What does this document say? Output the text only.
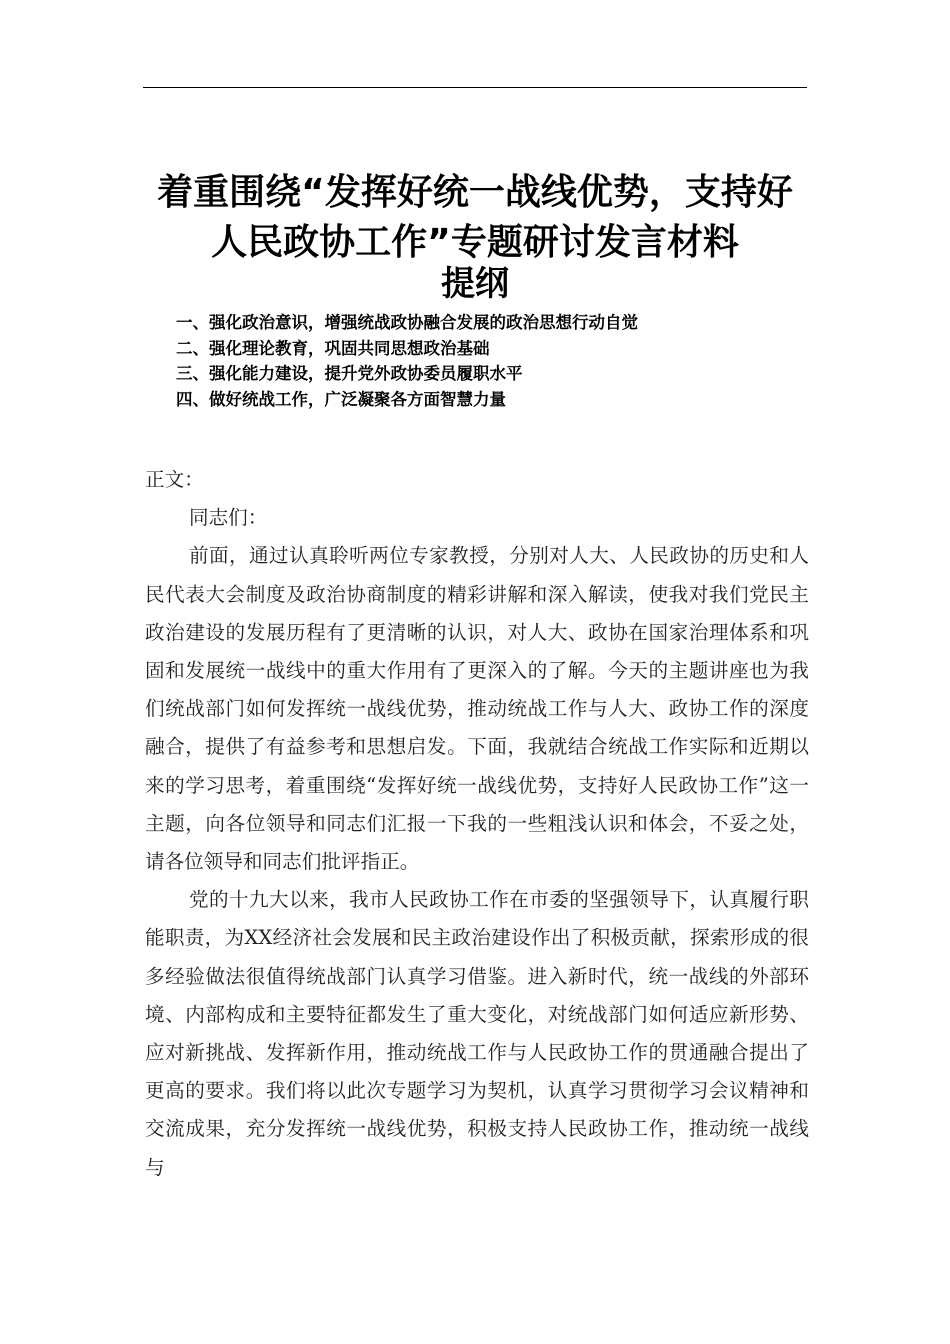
着重围绕“发挥好统一战线优势，支持好
人民政协工作”专题研讨发言材料
提纲
一、强化政治意识，增强统战政协融合发展的政治思想行动自觉
二、强化理论教育，巩固共同思想政治基础
三、强化能力建设，提升党外政协委员履职水平
四、做好统战工作，广泛凝聚各方面智慧力量
正文：
同志们：

前面，通过认真聆听两位专家教授，分别对人大、人民政协的历史和人民代表大会制度及政治协商制度的精彩讲解和深入解读，使我对我们党民主政治建设的发展历程有了更清晰的认识，对人大、政协在国家治理体系和巩固和发展统一战线中的重大作用有了更深入的了解。今天的主题讲座也为我们统战部门如何发挥统一战线优势，推动统战工作与人大、政协工作的深度融合，提供了有益参考和思想启发。下面，我就结合统战工作实际和近期以来的学习思考，着重围绕“发挥好统一战线优势，支持好人民政协工作”这一主题，向各位领导和同志们汇报一下我的一些粗浅认识和体会，不妥之处，请各位领导和同志们批评指正。

党的十九大以来，我市人民政协工作在市委的坚强领导下，认真履行职能职责，为XX经济社会发展和民主政治建设作出了积极贡献，探索形成的很多经验做法很值得统战部门认真学习借鉴。进入新时代，统一战线的外部环境、内部构成和主要特征都发生了重大变化，对统战部门如何适应新形势、应对新挑战、发挥新作用，推动统战工作与人民政协工作的贯通融合提出了更高的要求。我们将以此次专题学习为契机，认真学习贯彻学习会议精神和交流成果，充分发挥统一战线优势，积极支持人民政协工作，推动统一战线与
